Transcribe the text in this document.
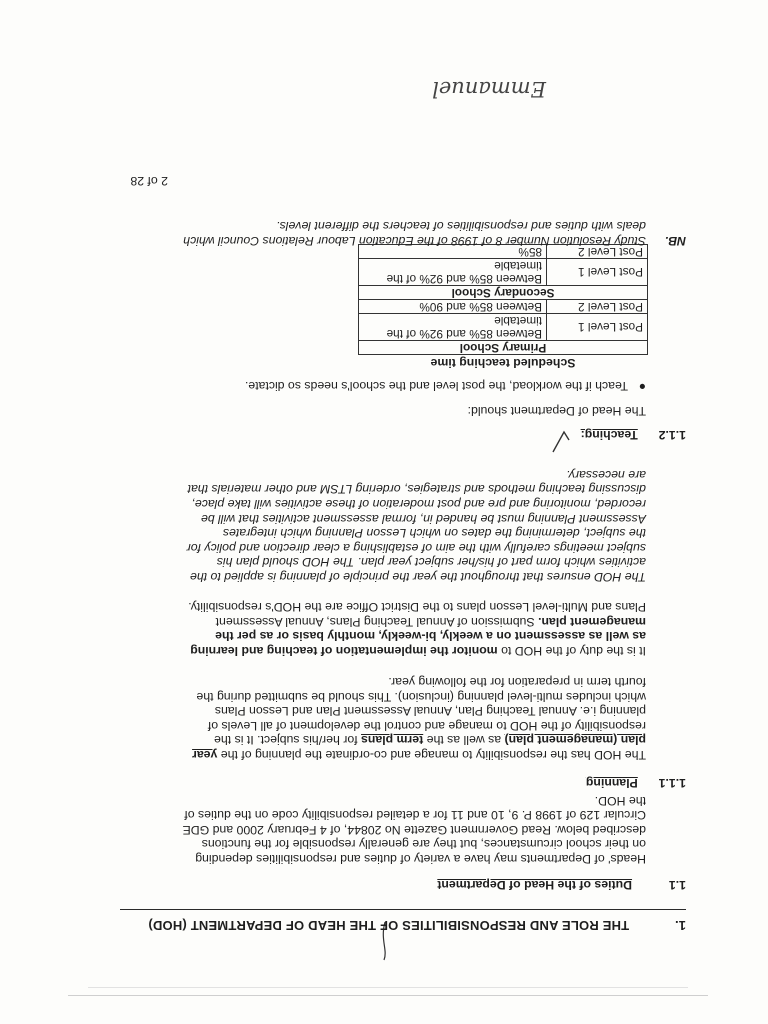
1.  THE ROLE AND RESPONSIBILITIES OF THE HEAD OF DEPARTMENT (HOD)
1.1  Duties of the Head of Department

Heads' of Departments may have a variety of duties and responsibilities depending

on their school circumstances, but they are generally responsible for the functions

described below. Read Government Gazette No 20844, of 4 February 2000 and GDE

Circular 129 of 1998 P. 9, 10 and 11 for a detailed responsibility code on the duties of

the HOD.

1.1.1  Planning

The HOD has the responsibility to manage and co-ordinate the planning of the year

plan (management plan) as well as the term plans for her/his subject. It is the

responsibility of the HOD to manage and control the development of all Levels of

planning i.e. Annual Teaching Plan, Annual Assessment Plan and Lesson Plans

which includes multi-level planning (inclusion). This should be submitted during the

fourth term in preparation for the following year.

It is the duty of the HOD to monitor the implementation of teaching and learning

as well as assessment on a weekly, bi-weekly, monthly basis or as per the

management plan. Submission of Annual Teaching Plans, Annual Assessment

Plans and Multi-level Lesson plans to the District Office are the HOD's responsibility.

The HOD ensures that throughout the year the principle of planning is applied to the

activities which form part of his/her subject year plan. The HOD should plan his

subject meetings carefully with the aim of establishing a clear direction and policy for

the subject, determining the dates on which Lesson Planning which integrates

Assessment Planning must be handed in, formal assessment activities that will be

recorded, monitoring and pre and post moderation of these activities will take place,

discussing teaching methods and strategies, ordering LTSM and other materials that

are necessary.

1.1.2  Teaching:
The Head of Department should:
●
Teach if the workload, the post level and the school's needs so dictate.
Scheduled teaching time
Primary School	
Post Level 1	Between 85% and 92% of the timetable
Post Level 2	Between 85% and 90%
Secondary School	
Post Level 1	Between 85% and 92% of the timetable
Post Level 2	85%
NB.

Study Resolution Number 8 of 1998 of the Education Labour Relations Council which

deals with duties and responsibilities of teachers the different levels.

2 of 28
Emmanuel
